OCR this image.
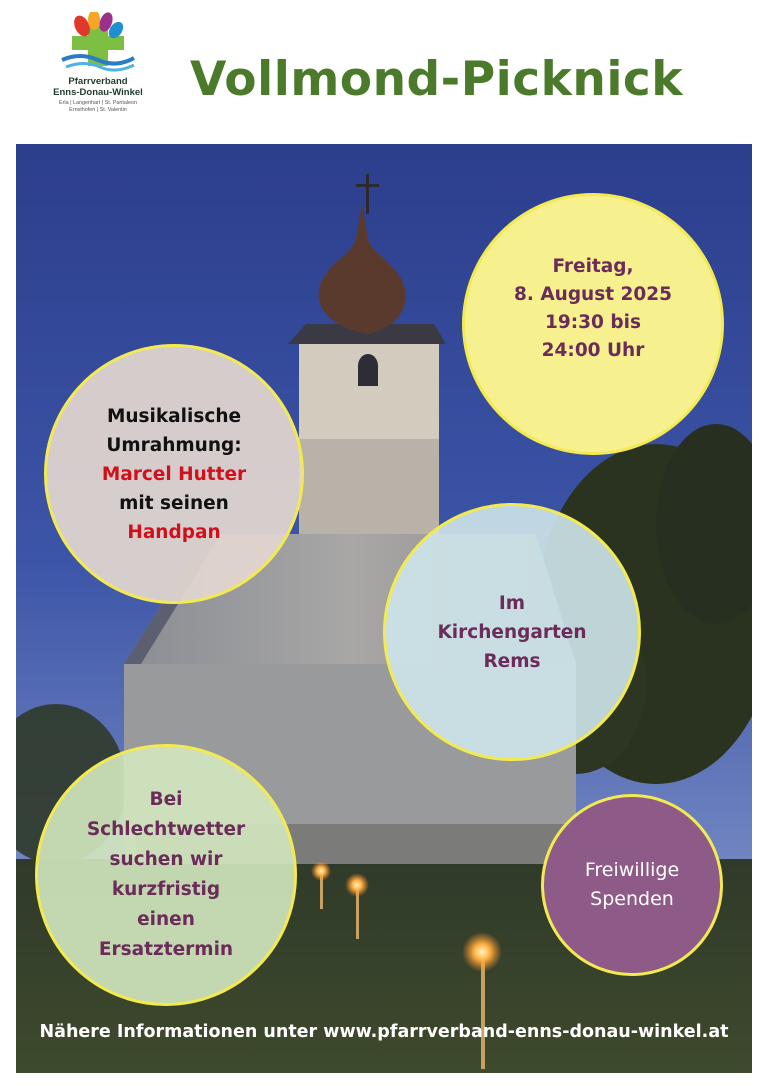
Pfarrverband
Enns-Donau-Winkel
Erla | Langenhart | St. Pantaleon
Ernsthofen | St. Valentin
Vollmond-Picknick
Freitag,
8. August 2025
19:30 bis
24:00 Uhr
Musikalische
Umrahmung:
Marcel Hutter
mit seinen
Handpan
Im
Kirchengarten
Rems
Bei
Schlechtwetter
suchen wir
kurzfristig
einen
Ersatztermin
Freiwillige
Spenden
Nähere Informationen unter www.pfarrverband-enns-donau-winkel.at
